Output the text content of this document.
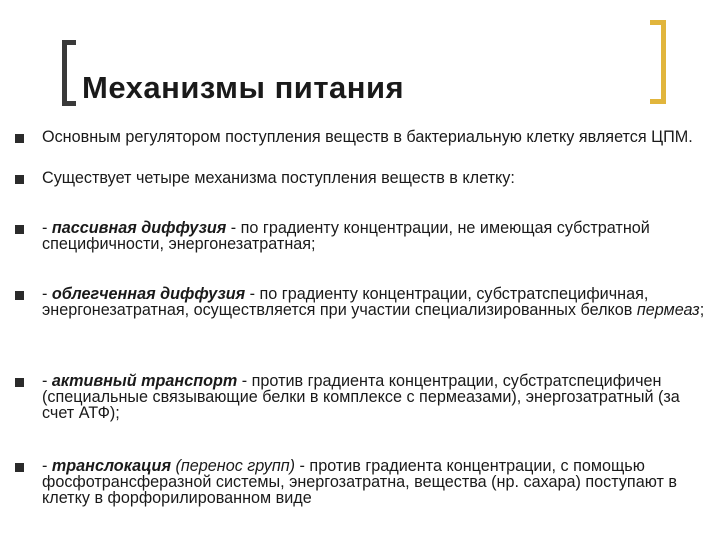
Механизмы питания
Основным регулятором поступления веществ в бактериальную клетку является ЦПМ.
Существует четыре механизма поступления веществ в клетку:
- пассивная диффузия - по градиенту концентрации, не имеющая субстратной специфичности, энергонезатратная;
- облегченная диффузия - по градиенту концентрации, субстратспецифичная, энергонезатратная, осуществляется при участии специализированных белков пермеаз;
- активный транспорт - против градиента концентрации, субстратспецифичен (специальные связывающие белки в комплексе с пермеазами), энергозатратный (за счет АТФ);
- транслокация (перенос групп) - против градиента концентрации, с помощью фосфотрансферазной системы, энергозатратна, вещества (нр. сахара) поступают в клетку в форфорилированном виде
